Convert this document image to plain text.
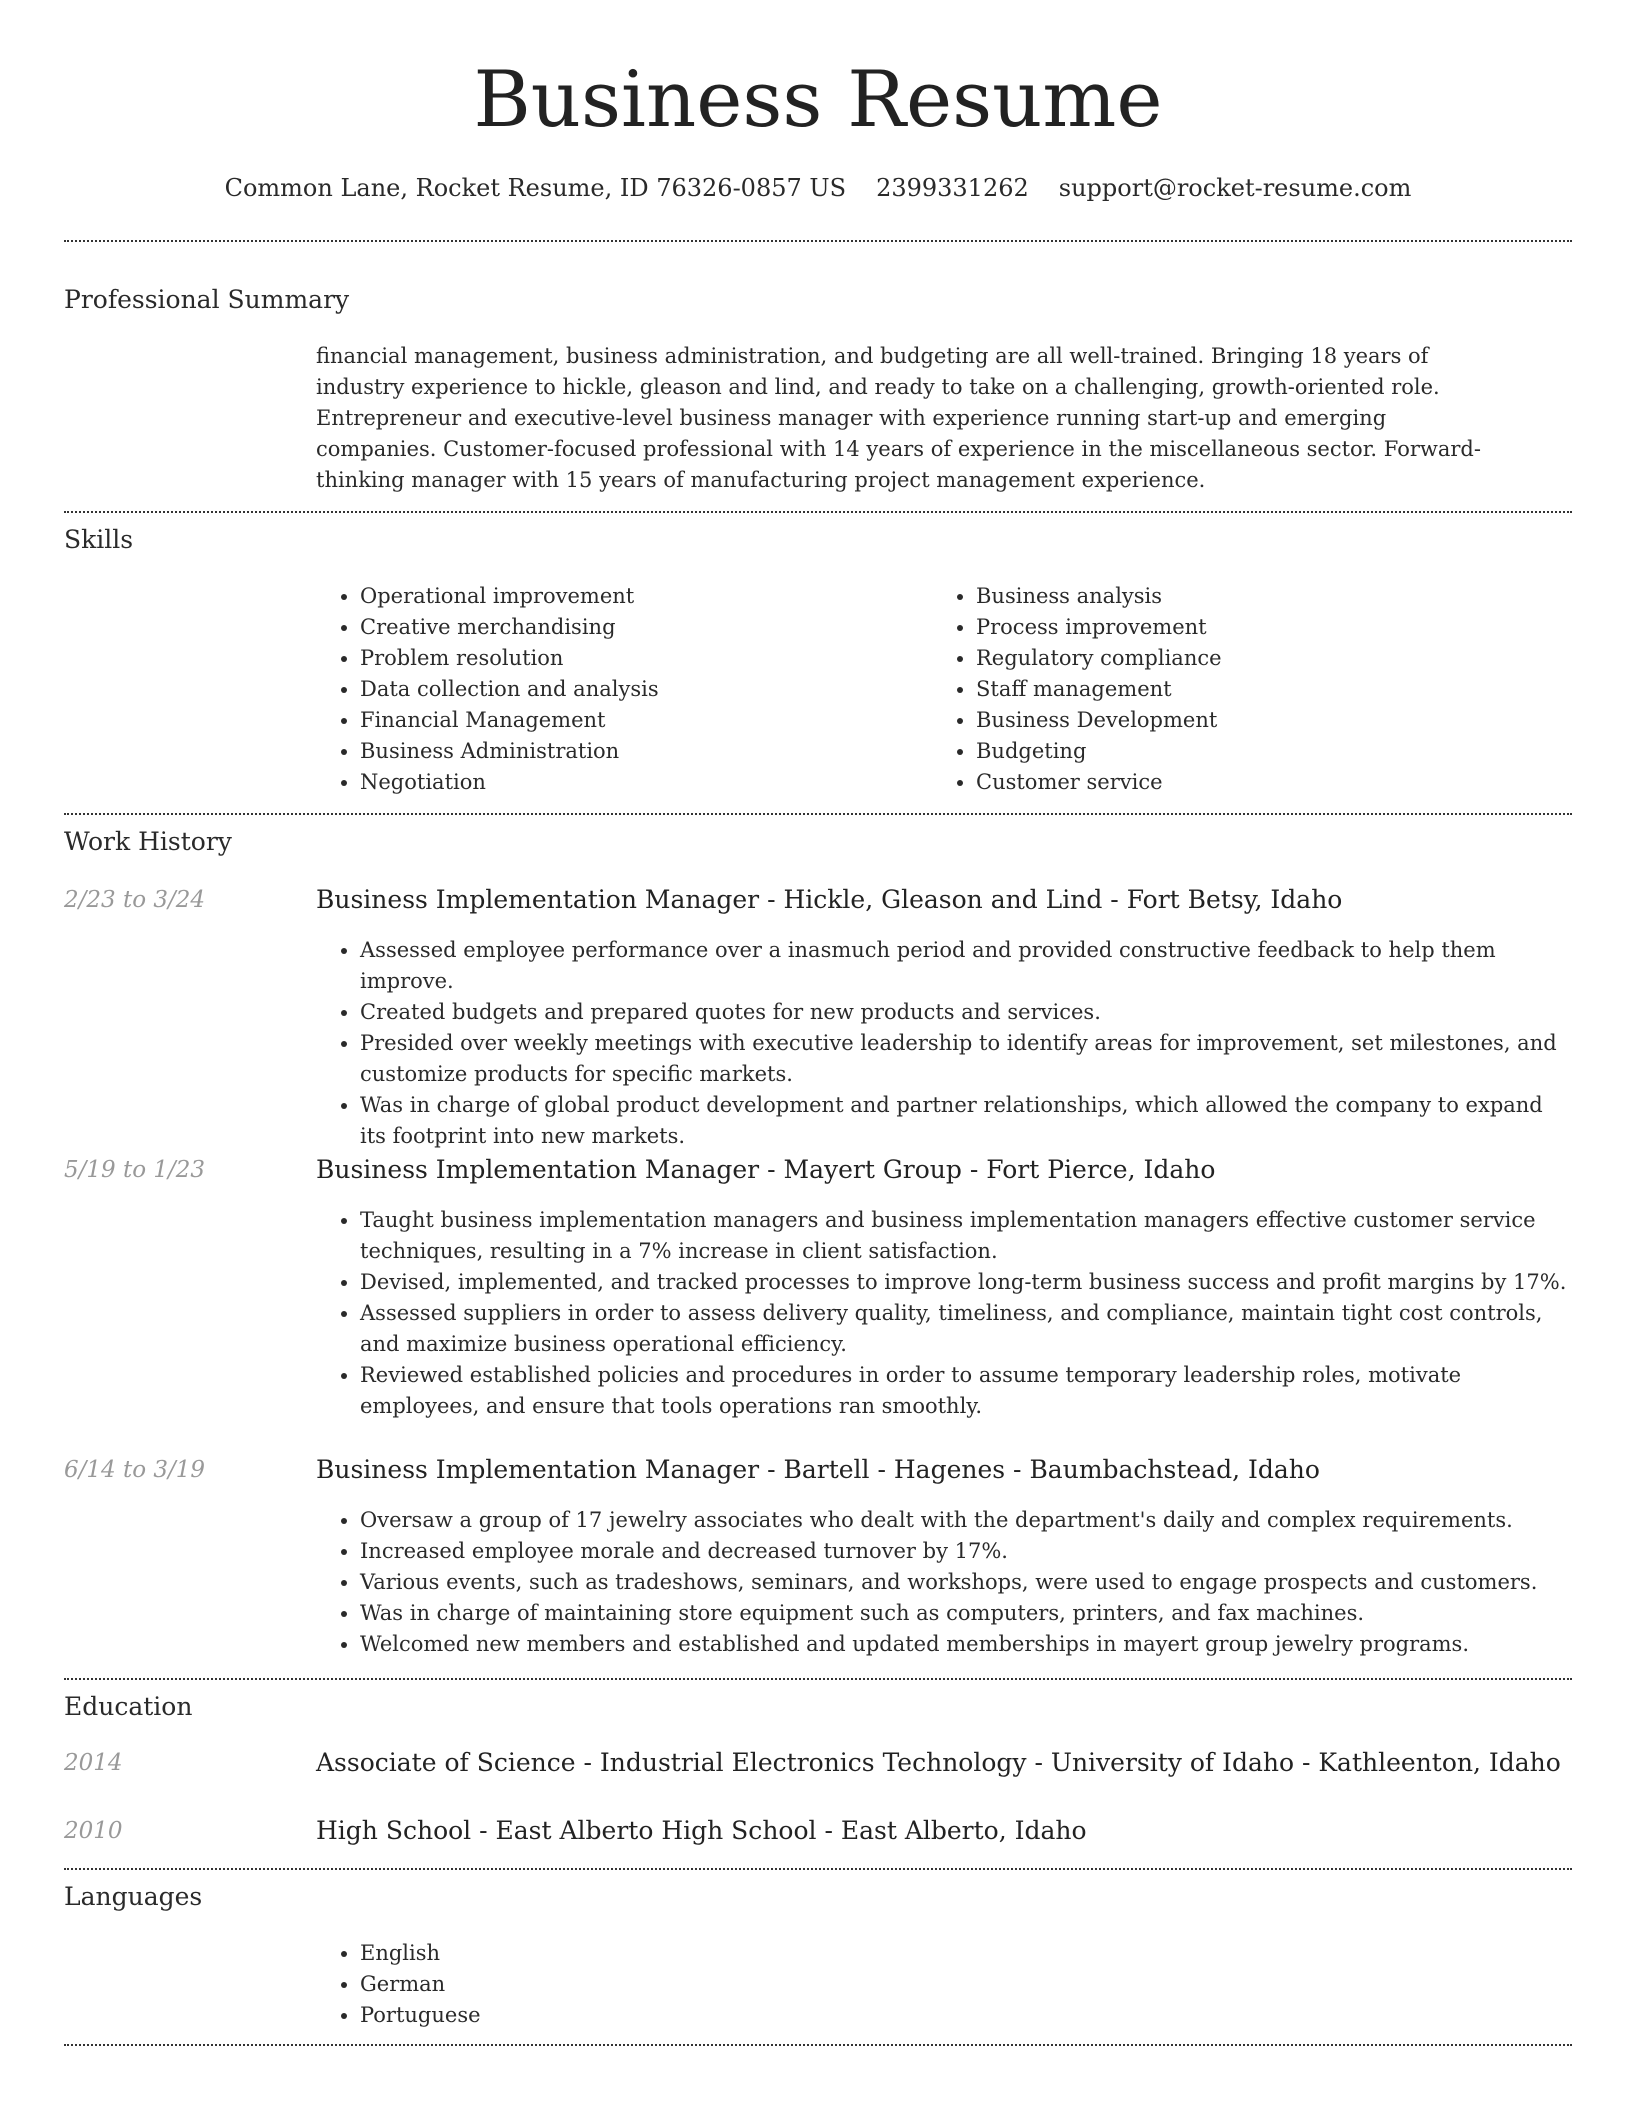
Business Resume
Common Lane, Rocket Resume, ID 76326-0857 US 2399331262 support@rocket-resume.com
Professional Summary

financial management, business administration, and budgeting are all well-trained. Bringing 18 years of industry experience to hickle, gleason and lind, and ready to take on a challenging, growth-oriented role. Entrepreneur and executive-level business manager with experience running start-up and emerging companies. Customer-focused professional with 14 years of experience in the miscellaneous sector. Forward-thinking manager with 15 years of manufacturing project management experience.

Skills
• Operational improvement
• Creative merchandising
• Problem resolution
• Data collection and analysis
• Financial Management
• Business Administration
• Negotiation
• Business analysis
• Process improvement
• Regulatory compliance
• Staff management
• Business Development
• Budgeting
• Customer service
Work History
2/23 to 3/24	Business Implementation Manager - Hickle, Gleason and Lind - Fort Betsy, Idaho
• Assessed employee performance over a inasmuch period and provided constructive feedback to help them improve.
• Created budgets and prepared quotes for new products and services.
• Presided over weekly meetings with executive leadership to identify areas for improvement, set milestones, and customize products for specific markets.
• Was in charge of global product development and partner relationships, which allowed the company to expand its footprint into new markets.
5/19 to 1/23	Business Implementation Manager - Mayert Group - Fort Pierce, Idaho
• Taught business implementation managers and business implementation managers effective customer service techniques, resulting in a 7% increase in client satisfaction.
• Devised, implemented, and tracked processes to improve long-term business success and profit margins by 17%.
• Assessed suppliers in order to assess delivery quality, timeliness, and compliance, maintain tight cost controls, and maximize business operational efficiency.
• Reviewed established policies and procedures in order to assume temporary leadership roles, motivate employees, and ensure that tools operations ran smoothly.
6/14 to 3/19	Business Implementation Manager - Bartell - Hagenes - Baumbachstead, Idaho
• Oversaw a group of 17 jewelry associates who dealt with the department's daily and complex requirements.
• Increased employee morale and decreased turnover by 17%.
• Various events, such as tradeshows, seminars, and workshops, were used to engage prospects and customers.
• Was in charge of maintaining store equipment such as computers, printers, and fax machines.
• Welcomed new members and established and updated memberships in mayert group jewelry programs.
Education
2014	Associate of Science - Industrial Electronics Technology - University of Idaho - Kathleenton, Idaho
2010	High School - East Alberto High School - East Alberto, Idaho
Languages
• English
• German
• Portuguese
